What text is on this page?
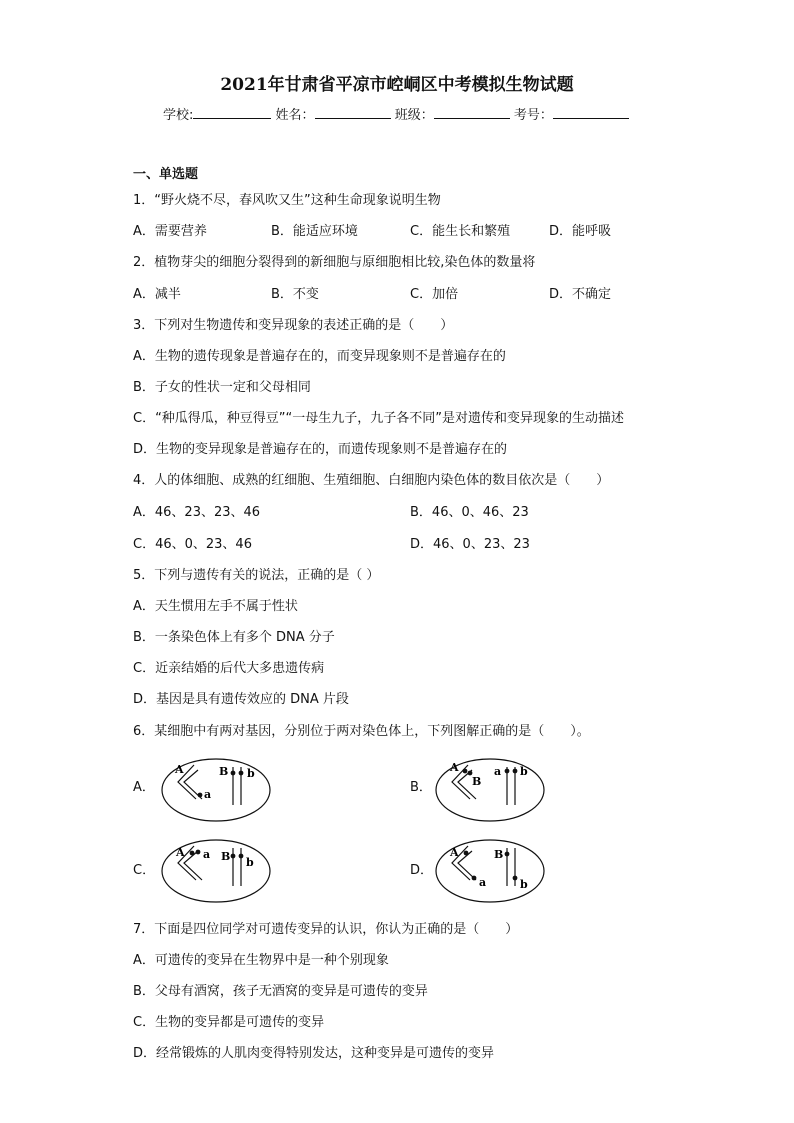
2021年甘肃省平凉市崆峒区中考模拟生物试题
学校:	姓名：	班级：	考号：
一、单选题
1．“野火烧不尽，春风吹又生”这种生命现象说明生物
A．需要营养	B．能适应环境	C．能生长和繁殖	D．能呼吸
2．植物芽尖的细胞分裂得到的新细胞与原细胞相比较,染色体的数量将
A．减半	B．不变	C．加倍	D．不确定
3．下列对生物遗传和变异现象的表述正确的是（　　）
A．生物的遗传现象是普遍存在的，而变异现象则不是普遍存在的
B．子女的性状一定和父母相同
C．“种瓜得瓜，种豆得豆”“一母生九子，九子各不同”是对遗传和变异现象的生动描述
D．生物的变异现象是普遍存在的，而遗传现象则不是普遍存在的
4．人的体细胞、成熟的红细胞、生殖细胞、白细胞内染色体的数目依次是（　　）
A．46、23、23、46	B．46、0、46、23
C．46、0、23、46	D．46、0、23、23
5．下列与遗传有关的说法，正确的是（ ）
A．天生惯用左手不属于性状
B．一条染色体上有多个 DNA 分子
C．近亲结婚的后代大多患遗传病
D．基因是具有遗传效应的 DNA 片段
6．某细胞中有两对基因，分别位于两对染色体上，下列图解正确的是（　　）。
A．
A
a
B b
B．
A
B
a b
C．
A a B b
D．
A
a
B
b
7．下面是四位同学对可遗传变异的认识，你认为正确的是（　　）
A．可遗传的变异在生物界中是一种个别现象
B．父母有酒窝，孩子无酒窝的变异是可遗传的变异
C．生物的变异都是可遗传的变异
D．经常锻炼的人肌肉变得特别发达，这种变异是可遗传的变异
